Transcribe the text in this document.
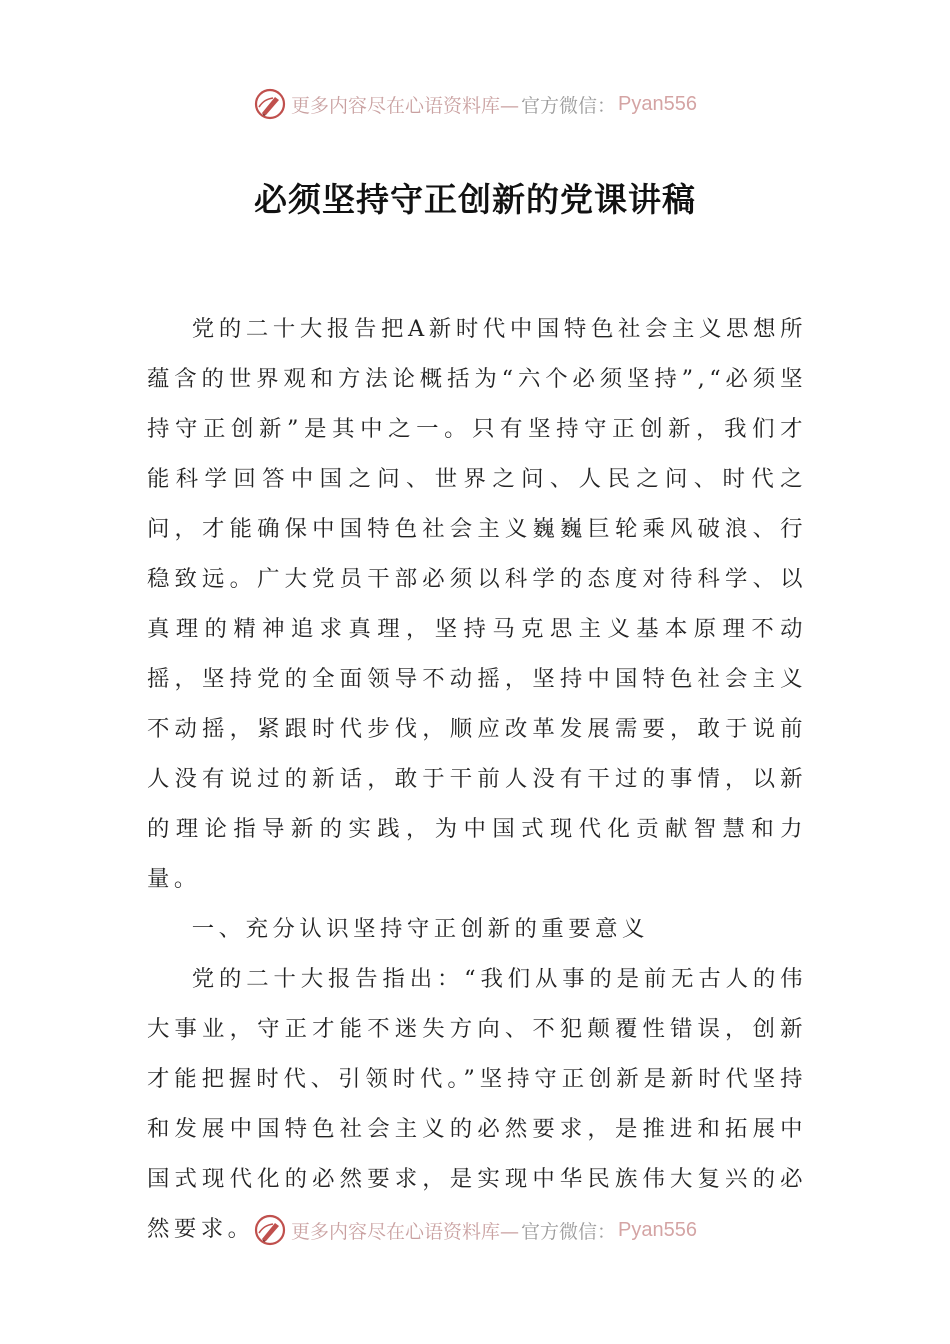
更多内容尽在心语资料库— 官方微信： Pyan556
必须坚持守正创新的党课讲稿

党的二十大报告把A新时代中国特色社会主义思想所蕴含的世界观和方法论概括为“六个必须坚持”,“必须坚持守正创新”是其中之一。只有坚持守正创新，我们才能科学回答中国之问、世界之问、人民之问、时代之问，才能确保中国特色社会主义巍巍巨轮乘风破浪、行稳致远。广大党员干部必须以科学的态度对待科学、以真理的精神追求真理，坚持马克思主义基本原理不动摇，坚持党的全面领导不动摇，坚持中国特色社会主义不动摇，紧跟时代步伐，顺应改革发展需要，敢于说前人没有说过的新话，敢于干前人没有干过的事情，以新的理论指导新的实践，为中国式现代化贡献智慧和力量。

一、充分认识坚持守正创新的重要意义

党的二十大报告指出：“我们从事的是前无古人的伟大事业，守正才能不迷失方向、不犯颠覆性错误，创新才能把握时代、引领时代。”坚持守正创新是新时代坚持和发展中国特色社会主义的必然要求，是推进和拓展中国式现代化的必然要求，是实现中华民族伟大复兴的必然要求。	更多内容尽在心语资料库— 官方微信： Pyan556
